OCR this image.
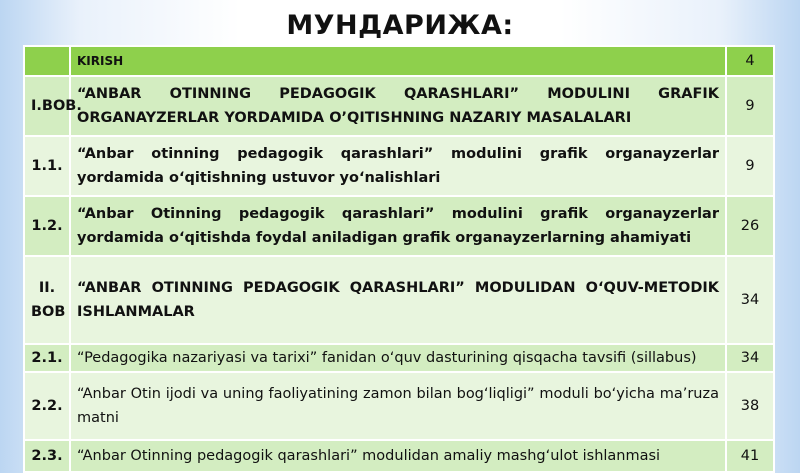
МУНДАРИЖА:
	KIRISH	4
I.BOB.	“ANBAR OTINNING PEDAGOGIK QARASHLARI” MODULINI GRAFIK ORGANAYZERLAR YORDAMIDA O’QITISHNING NAZARIY MASALALARI	9
1.1.	“Anbar otinning pedagogik qarashlari” modulini grafik organayzerlar yordamida o‘qitishning ustuvor yo‘nalishlari	9
1.2.	“Anbar Otinning pedagogik qarashlari” modulini grafik organayzerlar yordamida o‘qitishda foydal aniladigan grafik organayzerlarning ahamiyati	26
II. BOB	“ANBAR OTINNING PEDAGOGIK QARASHLARI” MODULIDAN O‘QUV-METODIK ISHLANMALAR	34
2.1.	“Pedagogika nazariyasi va tarixi” fanidan o‘quv dasturining qisqacha tavsifi (sillabus)	34
2.2.	“Anbar Otin ijodi va uning faoliyatining zamon bilan bog‘liqligi” moduli bo‘yicha ma’ruza matni	38
2.3.	“Anbar Otinning pedagogik qarashlari” modulidan amaliy mashg‘ulot ishlanmasi	41
